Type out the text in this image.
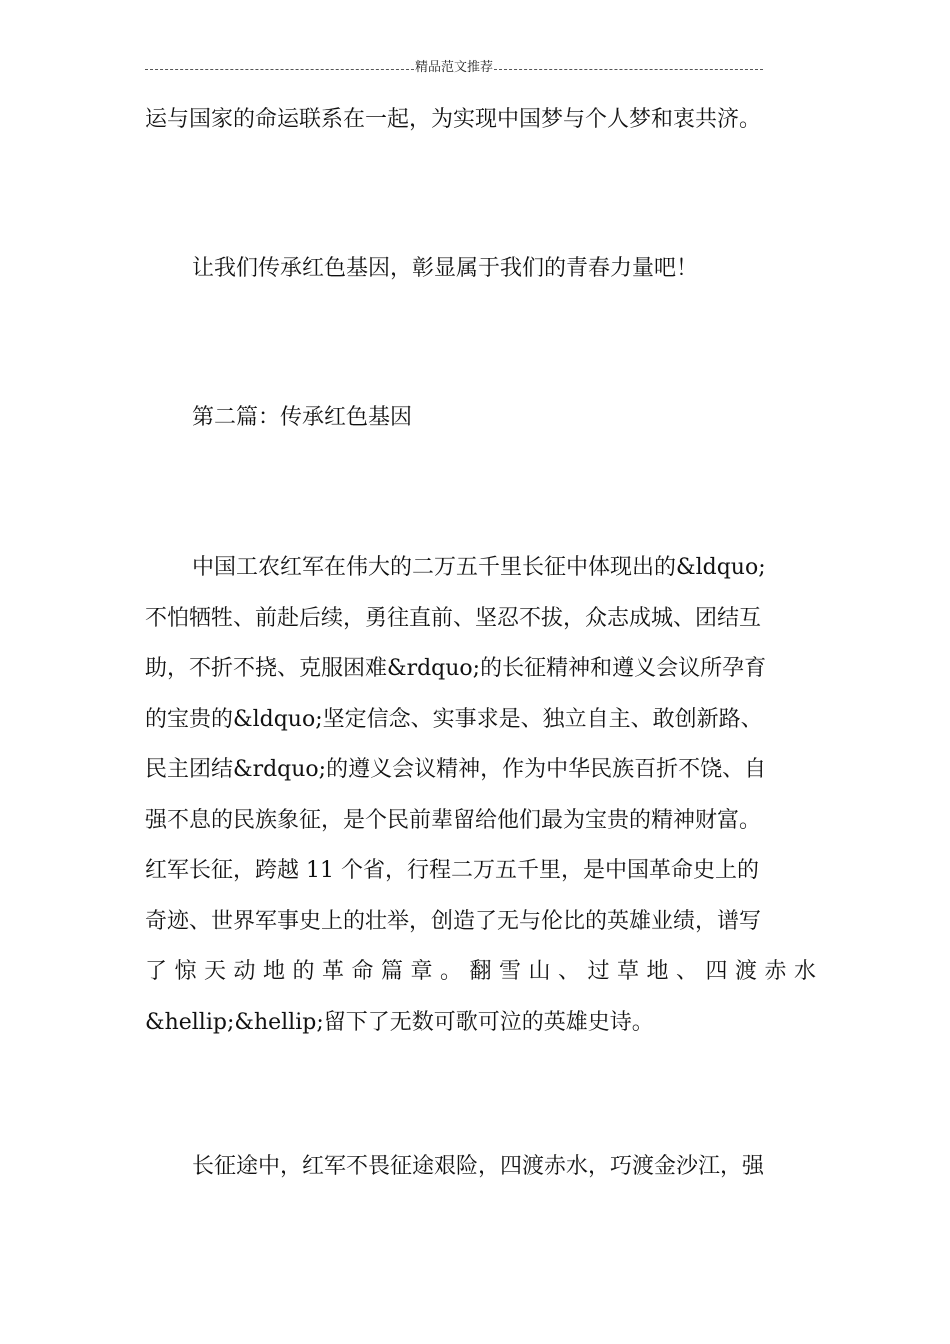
精品范文推荐

运与国家的命运联系在一起，为实现中国梦与个人梦和衷共济。

让我们传承红色基因，彰显属于我们的青春力量吧！

第二篇：传承红色基因

中国工农红军在伟大的二万五千里长征中体现出的&ldquo;
不怕牺牲、前赴后续，勇往直前、坚忍不拔，众志成城、团结互
助，不折不挠、克服困难&rdquo;的长征精神和遵义会议所孕育
的宝贵的&ldquo;坚定信念、实事求是、独立自主、敢创新路、
民主团结&rdquo;的遵义会议精神，作为中华民族百折不饶、自
强不息的民族象征，是个民前辈留给他们最为宝贵的精神财富。
红军长征，跨越 11 个省，行程二万五千里，是中国革命史上的
奇迹、世界军事史上的壮举，创造了无与伦比的英雄业绩，谱写
了惊天动地的革命篇章。翻雪山、过草地、四渡赤水
&hellip;&hellip;留下了无数可歌可泣的英雄史诗。

长征途中，红军不畏征途艰险，四渡赤水，巧渡金沙江，强
